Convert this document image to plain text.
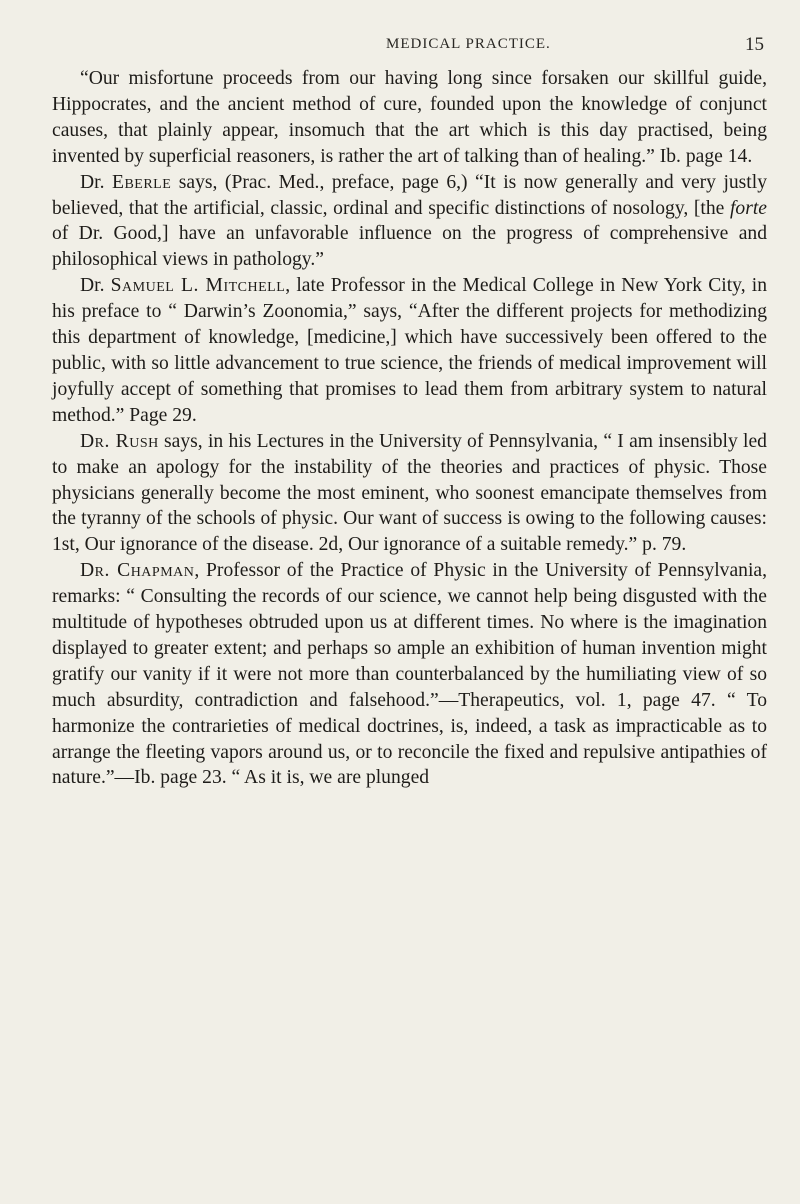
MEDICAL PRACTICE.	15

“Our misfortune proceeds from our having long since forsaken our skillful guide, Hippocrates, and the ancient method of cure, founded upon the knowledge of conjunct causes, that plainly appear, insomuch that the art which is this day practised, being invented by superficial reasoners, is rather the art of talking than of healing.” Ib. page 14.

Dr. Eberle says, (Prac. Med., preface, page 6,) “It is now generally and very justly believed, that the artificial, classic, ordinal and specific distinctions of nosology, [the forte of Dr. Good,] have an unfavorable influence on the progress of comprehensive and philosophical views in pathology.”

Dr. Samuel L. Mitchell, late Professor in the Medical College in New York City, in his preface to “ Darwin’s Zoonomia,” says, “After the different projects for methodizing this department of knowledge, [medicine,] which have successively been offered to the public, with so little advancement to true science, the friends of medical improvement will joyfully accept of something that promises to lead them from arbitrary system to natural method.” Page 29.

Dr. Rush says, in his Lectures in the University of Pennsylvania, “ I am insensibly led to make an apology for the instability of the theories and practices of physic. Those physicians generally become the most eminent, who soonest emancipate themselves from the tyranny of the schools of physic. Our want of success is owing to the following causes: 1st, Our ignorance of the disease. 2d, Our ignorance of a suitable remedy.” p. 79.

Dr. Chapman, Professor of the Practice of Physic in the University of Pennsylvania, remarks: “ Consulting the records of our science, we cannot help being disgusted with the multitude of hypotheses obtruded upon us at different times. No where is the imagination displayed to greater extent; and perhaps so ample an exhibition of human invention might gratify our vanity if it were not more than counterbalanced by the humiliating view of so much absurdity, contradiction and falsehood.”—Therapeutics, vol. 1, page 47. “ To harmonize the contrarieties of medical doctrines, is, indeed, a task as impracticable as to arrange the fleeting vapors around us, or to reconcile the fixed and repulsive antipathies of nature.”—Ib. page 23. “ As it is, we are plunged
